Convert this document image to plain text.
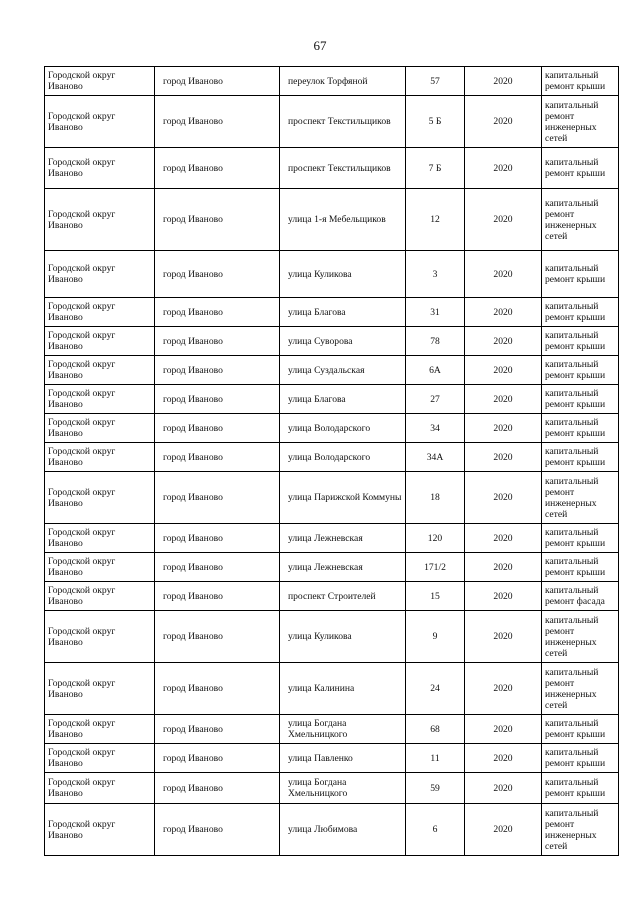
67
Городской округ Иваново	город Иваново	переулок Торфяной	57	2020	капитальный ремонт крыши
Городской округ Иваново	город Иваново	проспект Текстильщиков	5 Б	2020	капитальный ремонт инженерных сетей
Городской округ Иваново	город Иваново	проспект Текстильщиков	7 Б	2020	капитальный ремонт крыши
Городской округ Иваново	город Иваново	улица 1-я Мебельщиков	12	2020	капитальный ремонт инженерных сетей
Городской округ Иваново	город Иваново	улица Куликова	3	2020	капитальный ремонт крыши
Городской округ Иваново	город Иваново	улица Благова	31	2020	капитальный ремонт крыши
Городской округ Иваново	город Иваново	улица Суворова	78	2020	капитальный ремонт крыши
Городской округ Иваново	город Иваново	улица Суздальская	6А	2020	капитальный ремонт крыши
Городской округ Иваново	город Иваново	улица Благова	27	2020	капитальный ремонт крыши
Городской округ Иваново	город Иваново	улица Володарского	34	2020	капитальный ремонт крыши
Городской округ Иваново	город Иваново	улица Володарского	34А	2020	капитальный ремонт крыши
Городской округ Иваново	город Иваново	улица Парижской Коммуны	18	2020	капитальный ремонт инженерных сетей
Городской округ Иваново	город Иваново	улица Лежневская	120	2020	капитальный ремонт крыши
Городской округ Иваново	город Иваново	улица Лежневская	171/2	2020	капитальный ремонт крыши
Городской округ Иваново	город Иваново	проспект Строителей	15	2020	капитальный ремонт фасада
Городской округ Иваново	город Иваново	улица Куликова	9	2020	капитальный ремонт инженерных сетей
Городской округ Иваново	город Иваново	улица Калинина	24	2020	капитальный ремонт инженерных сетей
Городской округ Иваново	город Иваново	улица Богдана Хмельницкого	68	2020	капитальный ремонт крыши
Городской округ Иваново	город Иваново	улица Павленко	11	2020	капитальный ремонт крыши
Городской округ Иваново	город Иваново	улица Богдана Хмельницкого	59	2020	капитальный ремонт крыши
Городской округ Иваново	город Иваново	улица Любимова	6	2020	капитальный ремонт инженерных сетей
